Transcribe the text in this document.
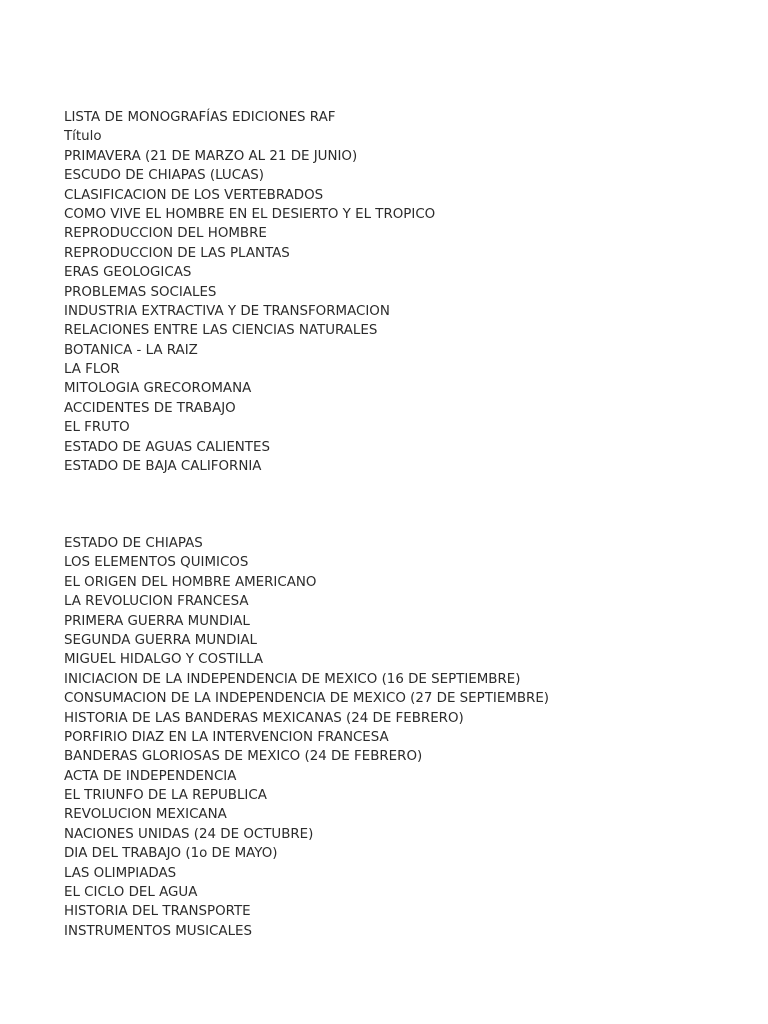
LISTA DE MONOGRAFÍAS EDICIONES RAF
Título
PRIMAVERA (21 DE MARZO AL 21 DE JUNIO)
ESCUDO DE CHIAPAS (LUCAS)
CLASIFICACION DE LOS VERTEBRADOS
COMO VIVE EL HOMBRE EN EL DESIERTO Y EL TROPICO
REPRODUCCION DEL HOMBRE
REPRODUCCION DE LAS PLANTAS
ERAS GEOLOGICAS
PROBLEMAS SOCIALES
INDUSTRIA EXTRACTIVA Y DE TRANSFORMACION
RELACIONES ENTRE LAS CIENCIAS NATURALES
BOTANICA - LA RAIZ
LA FLOR
MITOLOGIA GRECOROMANA
ACCIDENTES DE TRABAJO
EL FRUTO
ESTADO DE AGUAS CALIENTES
ESTADO DE BAJA CALIFORNIA
ESTADO DE CHIAPAS
LOS ELEMENTOS QUIMICOS
EL ORIGEN DEL HOMBRE AMERICANO
LA REVOLUCION FRANCESA
PRIMERA GUERRA MUNDIAL
SEGUNDA GUERRA MUNDIAL
MIGUEL HIDALGO Y COSTILLA
INICIACION DE LA INDEPENDENCIA DE MEXICO (16 DE SEPTIEMBRE)
CONSUMACION DE LA INDEPENDENCIA DE MEXICO (27 DE SEPTIEMBRE)
HISTORIA DE LAS BANDERAS MEXICANAS (24 DE FEBRERO)
PORFIRIO DIAZ EN LA INTERVENCION FRANCESA
BANDERAS GLORIOSAS DE MEXICO (24 DE FEBRERO)
ACTA DE INDEPENDENCIA
EL TRIUNFO DE LA REPUBLICA
REVOLUCION MEXICANA
NACIONES UNIDAS (24 DE OCTUBRE)
DIA DEL TRABAJO (1o DE MAYO)
LAS OLIMPIADAS
EL CICLO DEL AGUA
HISTORIA DEL TRANSPORTE
INSTRUMENTOS MUSICALES
